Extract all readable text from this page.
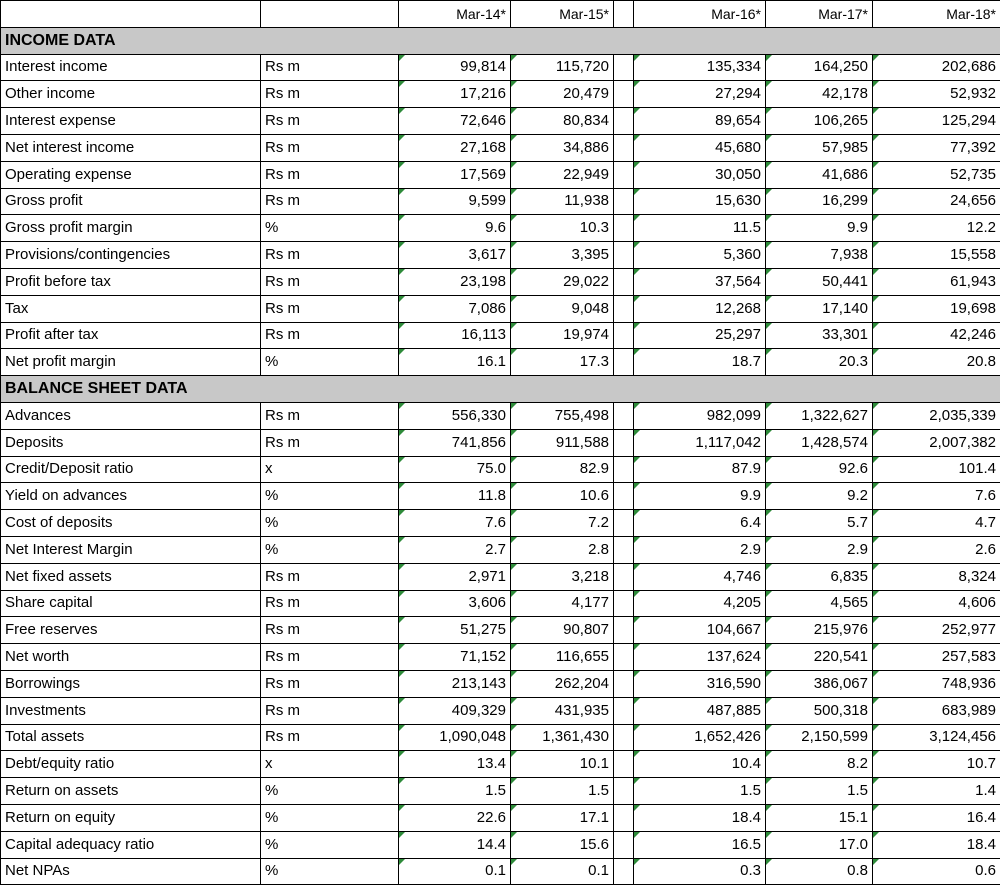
		Mar-14*	Mar-15*		Mar-16*	Mar-17*	Mar-18*
INCOME DATA							
Interest income	Rs m	99,814	115,720		135,334	164,250	202,686
Other income	Rs m	17,216	20,479		27,294	42,178	52,932
Interest expense	Rs m	72,646	80,834		89,654	106,265	125,294
Net interest income	Rs m	27,168	34,886		45,680	57,985	77,392
Operating expense	Rs m	17,569	22,949		30,050	41,686	52,735
Gross profit	Rs m	9,599	11,938		15,630	16,299	24,656
Gross profit margin	%	9.6	10.3		11.5	9.9	12.2
Provisions/contingencies	Rs m	3,617	3,395		5,360	7,938	15,558
Profit before tax	Rs m	23,198	29,022		37,564	50,441	61,943
Tax	Rs m	7,086	9,048		12,268	17,140	19,698
Profit after tax	Rs m	16,113	19,974		25,297	33,301	42,246
Net profit margin	%	16.1	17.3		18.7	20.3	20.8
BALANCE SHEET DATA							
Advances	Rs m	556,330	755,498		982,099	1,322,627	2,035,339
Deposits	Rs m	741,856	911,588		1,117,042	1,428,574	2,007,382
Credit/Deposit ratio	x	75.0	82.9		87.9	92.6	101.4
Yield on advances	%	11.8	10.6		9.9	9.2	7.6
Cost of deposits	%	7.6	7.2		6.4	5.7	4.7
Net Interest Margin	%	2.7	2.8		2.9	2.9	2.6
Net fixed assets	Rs m	2,971	3,218		4,746	6,835	8,324
Share capital	Rs m	3,606	4,177		4,205	4,565	4,606
Free reserves	Rs m	51,275	90,807		104,667	215,976	252,977
Net worth	Rs m	71,152	116,655		137,624	220,541	257,583
Borrowings	Rs m	213,143	262,204		316,590	386,067	748,936
Investments	Rs m	409,329	431,935		487,885	500,318	683,989
Total assets	Rs m	1,090,048	1,361,430		1,652,426	2,150,599	3,124,456
Debt/equity ratio	x	13.4	10.1		10.4	8.2	10.7
Return on assets	%	1.5	1.5		1.5	1.5	1.4
Return on equity	%	22.6	17.1		18.4	15.1	16.4
Capital adequacy ratio	%	14.4	15.6		16.5	17.0	18.4
Net NPAs	%	0.1	0.1		0.3	0.8	0.6
